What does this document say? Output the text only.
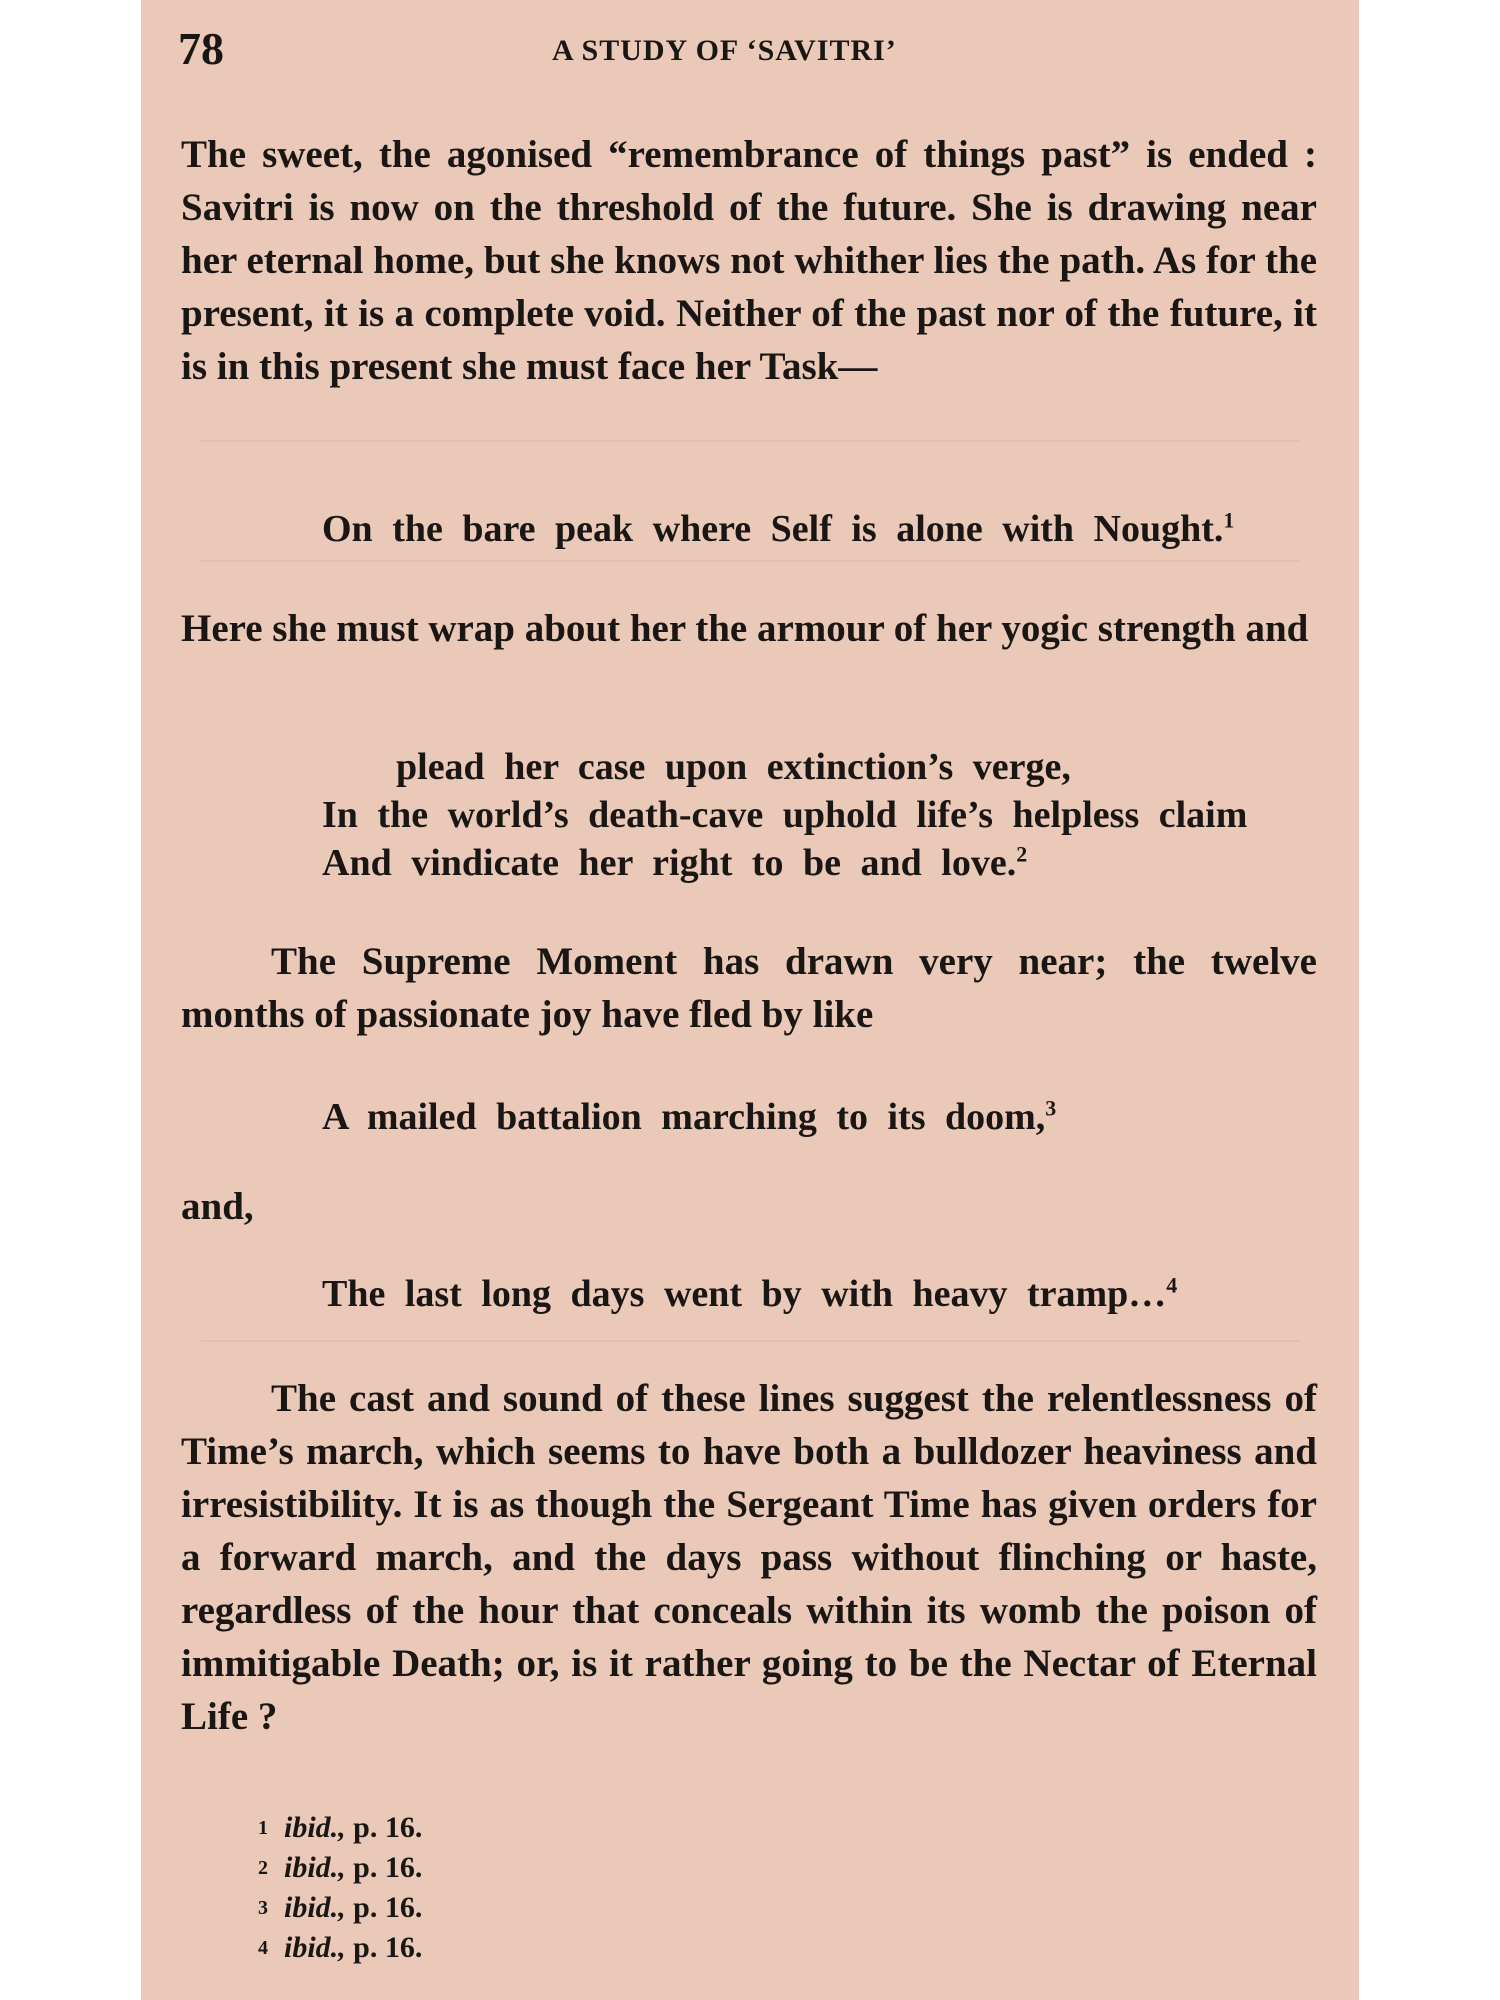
78	A STUDY OF ‘SAVITRI’

The sweet, the agonised “remembrance of things past” is ended : Savitri is now on the threshold of the future. She is drawing near her eternal home, but she knows not whither lies the path. As for the present, it is a complete void. Neither of the past nor of the future, it is in this present she must face her Task—

On the bare peak where Self is alone with Nought.$^1$

Here she must wrap about her the armour of her yogic strength and

plead her case upon extinction’s verge,

In the world’s death-cave uphold life’s helpless claim

And vindicate her right to be and love.$^2$

The Supreme Moment has drawn very near; the twelve months of passionate joy have fled by like

A mailed battalion marching to its doom,$^3$

and,

The last long days went by with heavy tramp…$^4$

The cast and sound of these lines suggest the relentlessness of Time’s march, which seems to have both a bulldozer heaviness and irresistibility. It is as though the Sergeant Time has given orders for a forward march, and the days pass without flinching or haste, regardless of the hour that conceals within its womb the poison of immitigable Death; or, is it rather going to be the Nectar of Eternal Life ?

1 ibid., p. 16.
2 ibid., p. 16.
3 ibid., p. 16.
4 ibid., p. 16.
